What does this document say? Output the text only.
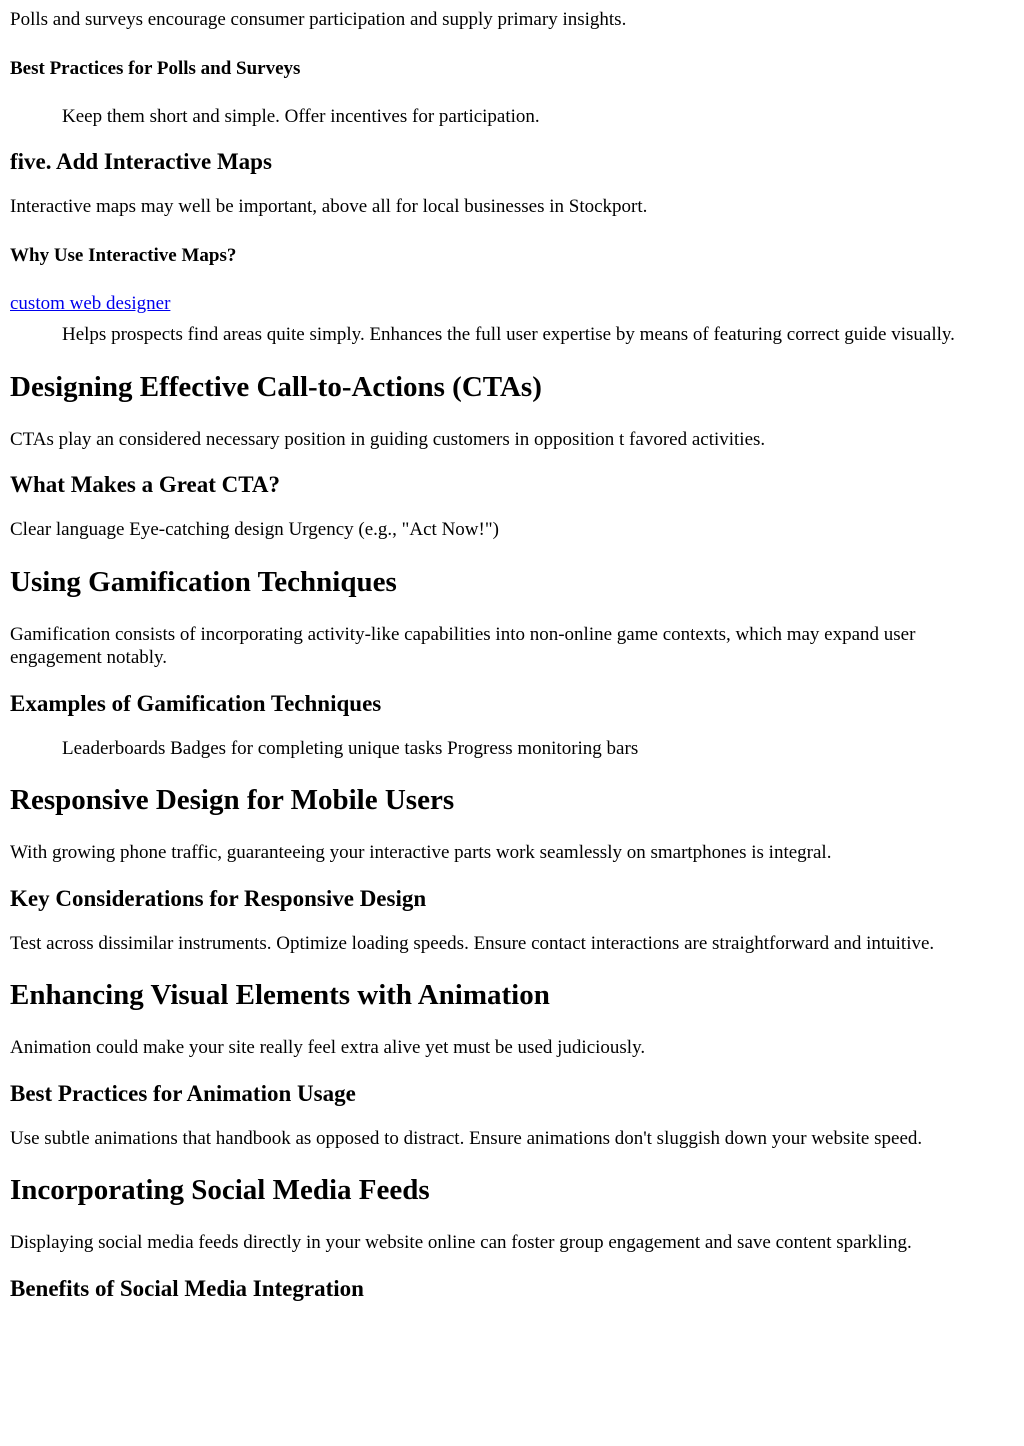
Polls and surveys encourage consumer participation and supply primary insights.

Best Practices for Polls and Surveys
Keep them short and simple. Offer incentives for participation.
five. Add Interactive Maps

Interactive maps may well be important, above all for local businesses in Stockport.

Why Use Interactive Maps?

custom web designer

Helps prospects find areas quite simply. Enhances the full user expertise by means of featuring correct guide visually.
Designing Effective Call-to-Actions (CTAs)

CTAs play an considered necessary position in guiding customers in opposition t favored activities.

What Makes a Great CTA?

Clear language Eye-catching design Urgency (e.g., "Act Now!")

Using Gamification Techniques

Gamification consists of incorporating activity-like capabilities into non-online game contexts, which may expand user engagement notably.

Examples of Gamification Techniques
Leaderboards Badges for completing unique tasks Progress monitoring bars
Responsive Design for Mobile Users

With growing phone traffic, guaranteeing your interactive parts work seamlessly on smartphones is integral.

Key Considerations for Responsive Design

Test across dissimilar instruments. Optimize loading speeds. Ensure contact interactions are straightforward and intuitive.

Enhancing Visual Elements with Animation

Animation could make your site really feel extra alive yet must be used judiciously.

Best Practices for Animation Usage

Use subtle animations that handbook as opposed to distract. Ensure animations don't sluggish down your website speed.

Incorporating Social Media Feeds

Displaying social media feeds directly in your website online can foster group engagement and save content sparkling.

Benefits of Social Media Integration
